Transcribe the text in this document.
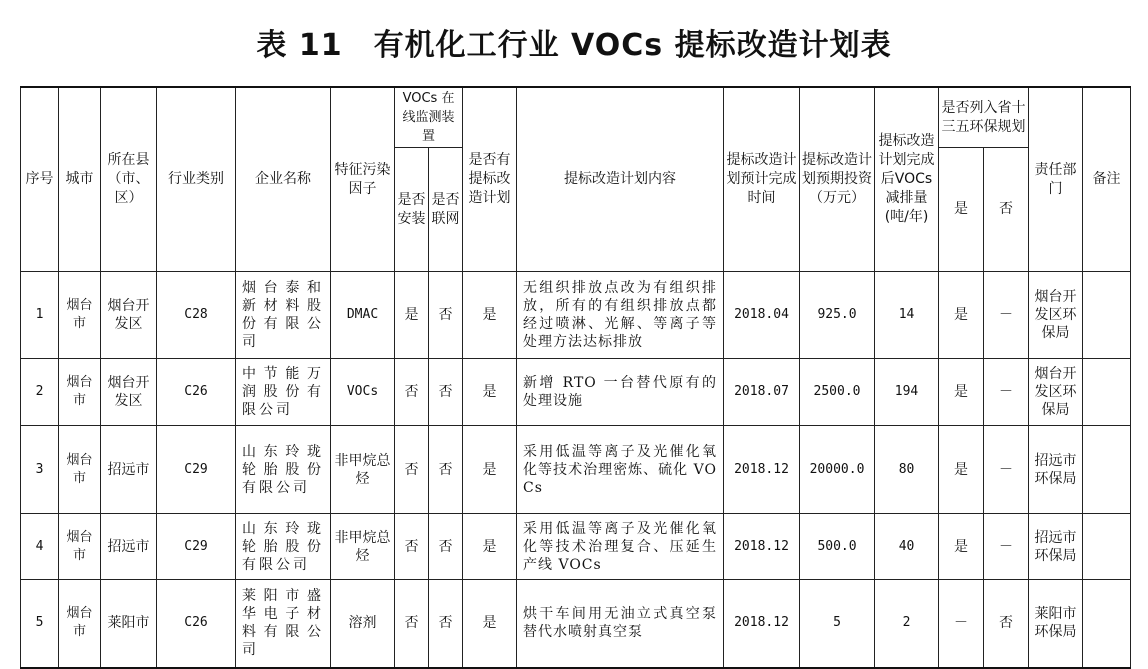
表 11　有机化工行业 VOCs 提标改造计划表
序号	城市	所在县（市、区）	行业类别	企业名称	特征污染因子	VOCs 在线监测装置		是否有提标改造计划	提标改造计划内容	提标改造计划预计完成时间	提标改造计划预期投资（万元）	提标改造计划完成后VOCs 减排量(吨/年)	是否列入省十三五环保规划		责任部门	备注
						是否安装	是否联网						是	否		
1	烟台市	烟台开发区	C28	烟台泰和新材料股份有限公司	DMAC	是	否	是	无组织排放点改为有组织排放，所有的有组织排放点都经过喷淋、光解、等离子等处理方法达标排放	2018.04	925.0	14	是	－	烟台开发区环保局	
2	烟台市	烟台开发区	C26	中节能万润股份有限公司	VOCs	否	否	是	新增 RTO 一台替代原有的处理设施	2018.07	2500.0	194	是	－	烟台开发区环保局	
3	烟台市	招远市	C29	山东玲珑轮胎股份有限公司	非甲烷总烃	否	否	是	采用低温等离子及光催化氧化等技术治理密炼、硫化 VOCs	2018.12	20000.0	80	是	－	招远市环保局	
4	烟台市	招远市	C29	山东玲珑轮胎股份有限公司	非甲烷总烃	否	否	是	采用低温等离子及光催化氧化等技术治理复合、压延生产线 VOCs	2018.12	500.0	40	是	－	招远市环保局	
5	烟台市	莱阳市	C26	莱阳市盛华电子材料有限公司	溶剂	否	否	是	烘干车间用无油立式真空泵替代水喷射真空泵	2018.12	5	2	－	否	莱阳市环保局	
